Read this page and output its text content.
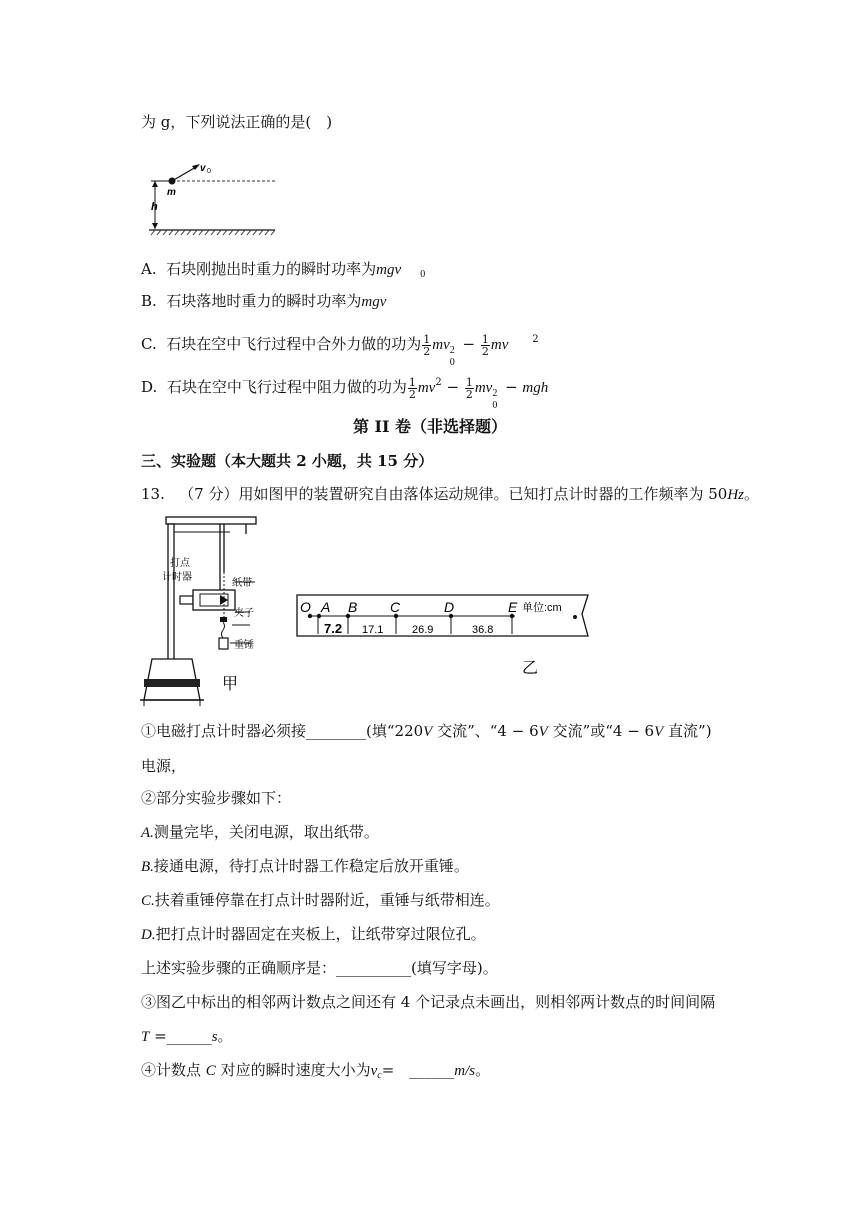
为 g，下列说法正确的是(　)
v 0
m
h
A. 石块刚抛出时重力的瞬时功率为mgv $_0$
B. 石块落地时重力的瞬时功率为mgv
C. 石块在空中飞行过程中合外力做的功为 $\frac{1}{2}$ mv 2
0
− $\frac{1}{2}$ mv $^2$
D. 石块在空中飞行过程中阻力做的功为 $\frac{1}{2} mv^2 - \frac{1}{2}$ mv 2
0
− mgh
第 II 卷（非选择题）
三、实验题（本大题共 2 小题，共 15 分）
13. （7 分）用如图甲的装置研究自由落体运动规律。已知打点计时器的工作频率为 50Hz。
打点
计时器
纸带
夹子
重锤
甲
O A B C	D	E 单位:cm
7.2 17.1	26.9	36.8
乙
①电磁打点计时器必须接________(填“220V 交流”、“4 − 6V 交流”或“4 − 6V 直流”)
电源，
②部分实验步骤如下：
A.测量完毕，关闭电源，取出纸带。
B.接通电源，待打点计时器工作稳定后放开重锤。
C.扶着重锤停靠在打点计时器附近，重锤与纸带相连。
D.把打点计时器固定在夹板上，让纸带穿过限位孔。
上述实验步骤的正确顺序是：__________(填写字母)。
③图乙中标出的相邻两计数点之间还有 4 个记录点未画出，则相邻两计数点的时间间隔
T =______s。
④计数点 C 对应的瞬时速度大小为$v_c=$　______m/s。
